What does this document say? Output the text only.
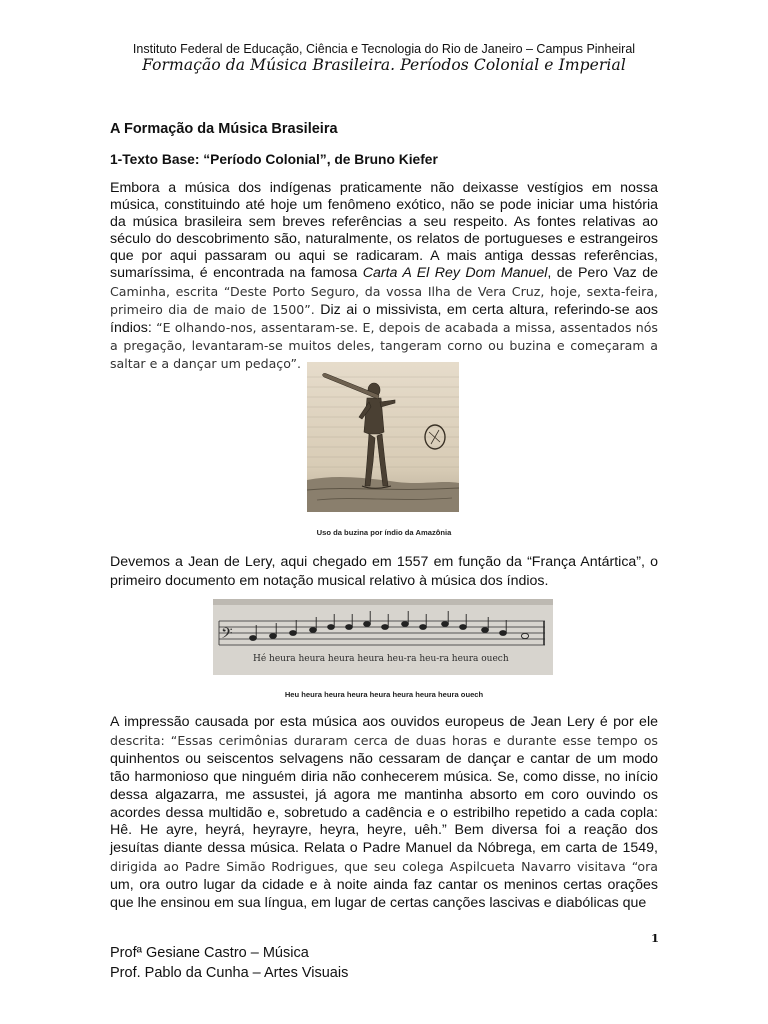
Instituto Federal de Educação, Ciência e Tecnologia do Rio de Janeiro – Campus Pinheiral
Formação da Música Brasileira. Períodos Colonial e Imperial
A Formação da Música Brasileira
1-Texto Base: “Período Colonial”, de Bruno Kiefer
Embora a música dos indígenas praticamente não deixasse vestígios em nossa música, constituindo até hoje um fenômeno exótico, não se pode iniciar uma história da música brasileira sem breves referências a seu respeito. As fontes relativas ao século do descobrimento são, naturalmente, os relatos de portugueses e estrangeiros que por aqui passaram ou aqui se radicaram. A mais antiga dessas referências, sumaríssima, é encontrada na famosa Carta A El Rey Dom Manuel, de Pero Vaz de Caminha, escrita “Deste Porto Seguro, da vossa Ilha de Vera Cruz, hoje, sexta-feira, primeiro dia de maio de 1500”. Diz ai o missivista, em certa altura, referindo-se aos índios: “E olhando-nos, assentaram-se. E, depois de acabada a missa, assentados nós a pregação, levantaram-se muitos deles, tangeram corno ou buzina e começaram a saltar e a dançar um pedaço”.
Uso da buzina por índio da Amazônia
Devemos a Jean de Lery, aqui chegado em 1557 em função da “França Antártica”, o primeiro documento em notação musical relativo à música dos índios.
𝄢
Hé heura heura heura heura heu-ra heu-ra heura ouech
Heu heura heura heura heura heura heura heura ouech
A impressão causada por esta música aos ouvidos europeus de Jean Lery é por ele descrita: “Essas cerimônias duraram cerca de duas horas e durante esse tempo os quinhentos ou seiscentos selvagens não cessaram de dançar e cantar de um modo tão harmonioso que ninguém diria não conhecerem música. Se, como disse, no início dessa algazarra, me assustei, já agora me mantinha absorto em coro ouvindo os acordes dessa multidão e, sobretudo a cadência e o estribilho repetido a cada copla: Hê. He ayre, heyrá, heyrayre, heyra, heyre, uêh.” Bem diversa foi a reação dos jesuítas diante dessa música. Relata o Padre Manuel da Nóbrega, em carta de 1549, dirigida ao Padre Simão Rodrigues, que seu colega Aspilcueta Navarro visitava “ora um, ora outro lugar da cidade e à noite ainda faz cantar os meninos certas orações que lhe ensinou em sua língua, em lugar de certas canções lascivas e diabólicas que
1
Profª Gesiane Castro – Música
Prof. Pablo da Cunha – Artes Visuais
